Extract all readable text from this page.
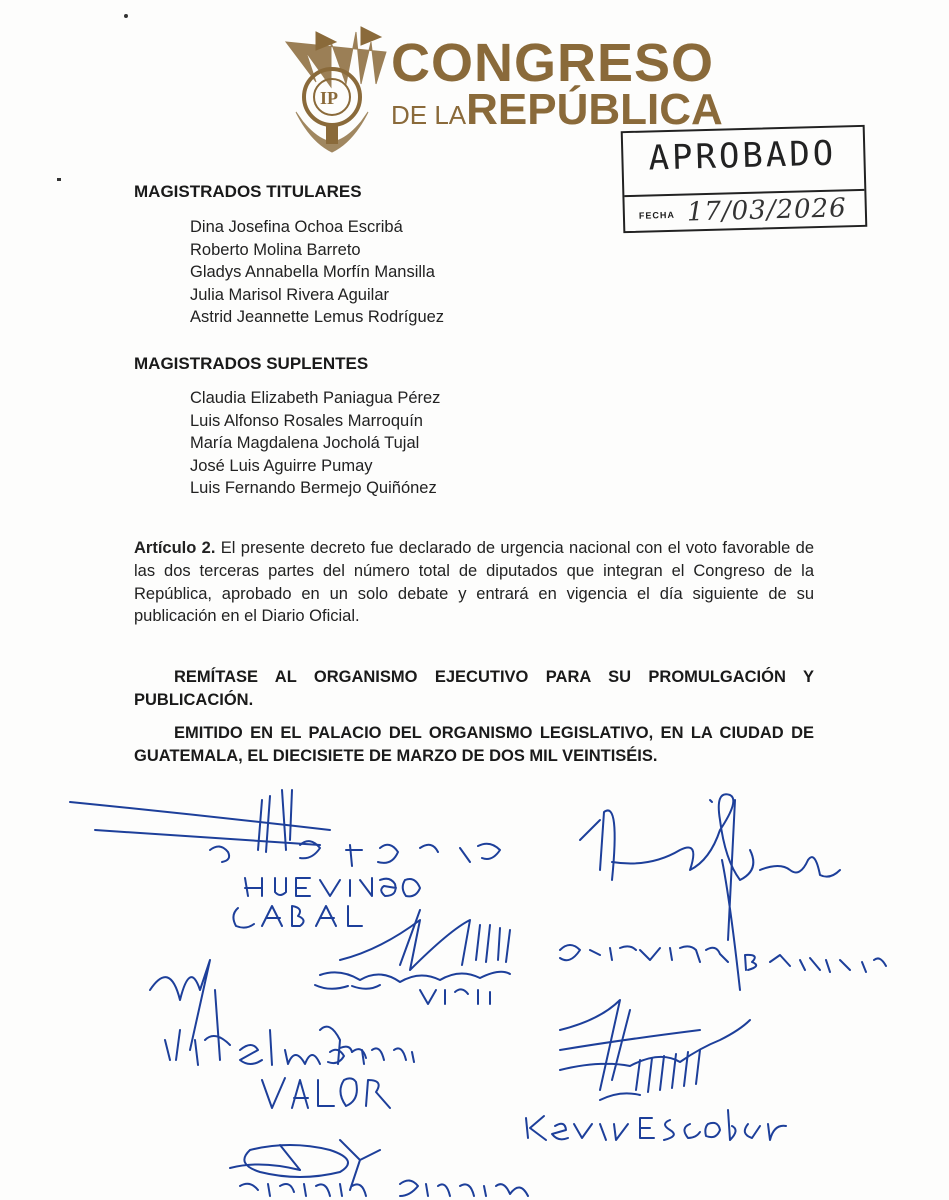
IP
CONGRESO
DE LAREPÚBLICA
APROBADO
FECHA 17/03/2026
MAGISTRADOS TITULARES
Dina Josefina Ochoa Escribá
Roberto Molina Barreto
Gladys Annabella Morfín Mansilla
Julia Marisol Rivera Aguilar
Astrid Jeannette Lemus Rodríguez
MAGISTRADOS SUPLENTES
Claudia Elizabeth Paniagua Pérez
Luis Alfonso Rosales Marroquín
María Magdalena Jocholá Tujal
José Luis Aguirre Pumay
Luis Fernando Bermejo Quiñónez
Artículo 2. El presente decreto fue declarado de urgencia nacional con el voto favorable de las dos terceras partes del número total de diputados que integran el Congreso de la República, aprobado en un solo debate y entrará en vigencia el día siguiente de su publicación en el Diario Oficial.
REMÍTASE AL ORGANISMO EJECUTIVO PARA SU PROMULGACIÓN Y PUBLICACIÓN.
EMITIDO EN EL PALACIO DEL ORGANISMO LEGISLATIVO, EN LA CIUDAD DE GUATEMALA, EL DIECISIETE DE MARZO DE DOS MIL VEINTISÉIS.
